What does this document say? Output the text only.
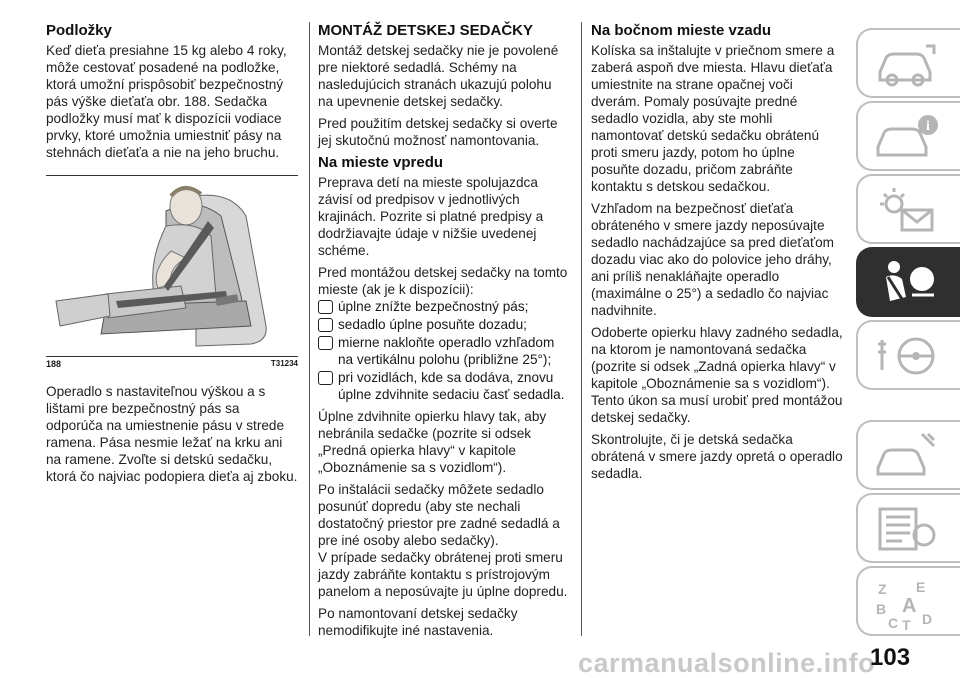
Podložky

Keď dieťa presiahne 15 kg alebo 4 roky, môže cestovať posadené na podložke, ktorá umožní prispôsobiť bezpečnostný pás výške dieťaťa obr. 188. Sedačka podložky musí mať k dispozícii vodiace prvky, ktoré umožnia umiestniť pásy na stehnách dieťaťa a nie na jeho bruchu.

188	T31234

Operadlo s nastaviteľnou výškou a s lištami pre bezpečnostný pás sa odporúča na umiestnenie pásu v strede ramena. Pása nesmie ležať na krku ani na ramene. Zvoľte si detskú sedačku, ktorá čo najviac podopiera dieťa aj zboku.

MONTÁŽ DETSKEJ SEDAČKY

Montáž detskej sedačky nie je povolené pre niektoré sedadlá. Schémy na nasledujúcich stranách ukazujú polohu na upevnenie detskej sedačky.

Pred použitím detskej sedačky si overte jej skutočnú možnosť namontovania.

Na mieste vpredu

Preprava detí na mieste spolujazdca závisí od predpisov v jednotlivých krajinách. Pozrite si platné predpisy a dodržiavajte údaje v nižšie uvedenej schéme.

Pred montážou detskej sedačky na tomto mieste (ak je k dispozícii):

úplne znížte bezpečnostný pás;
sedadlo úplne posuňte dozadu;
mierne nakloňte operadlo vzhľadom na vertikálnu polohu (približne 25°);
pri vozidlách, kde sa dodáva, znovu úplne zdvihnite sedaciu časť sedadla.

Úplne zdvihnite opierku hlavy tak, aby nebránila sedačke (pozrite si odsek „Predná opierka hlavy“ v kapitole „Oboznámenie sa s vozidlom“).

Po inštalácii sedačky môžete sedadlo posunúť dopredu (aby ste nechali dostatočný priestor pre zadné sedadlá a pre iné osoby alebo sedačky).

V prípade sedačky obrátenej proti smeru jazdy zabráňte kontaktu s prístrojovým panelom a neposúvajte ju úplne dopredu.

Po namontovaní detskej sedačky nemodifikujte iné nastavenia.

Na bočnom mieste vzadu

Kolíska sa inštalujte v priečnom smere a zaberá aspoň dve miesta. Hlavu dieťaťa umiestnite na strane opačnej voči dverám. Pomaly posúvajte predné sedadlo vozidla, aby ste mohli namontovať detskú sedačku obrátenú proti smeru jazdy, potom ho úplne posuňte dozadu, pričom zabráňte kontaktu s detskou sedačkou.

Vzhľadom na bezpečnosť dieťaťa obráteného v smere jazdy neposúvajte sedadlo nachádzajúce sa pred dieťaťom dozadu viac ako do polovice jeho dráhy, ani príliš nenakláňajte operadlo (maximálne o 25°) a sedadlo čo najviac nadvihnite.

Odoberte opierku hlavy zadného sedadla, na ktorom je namontovaná sedačka (pozrite si odsek „Zadná opierka hlavy“ v kapitole „Oboznámenie sa s vozidlom“). Tento úkon sa musí urobiť pred montážou detskej sedačky.

Skontrolujte, či je detská sedačka obrátená v smere jazdy opretá o operadlo sedadla.

i
Z E
B A
C T D
carmanualsonline.info
103
